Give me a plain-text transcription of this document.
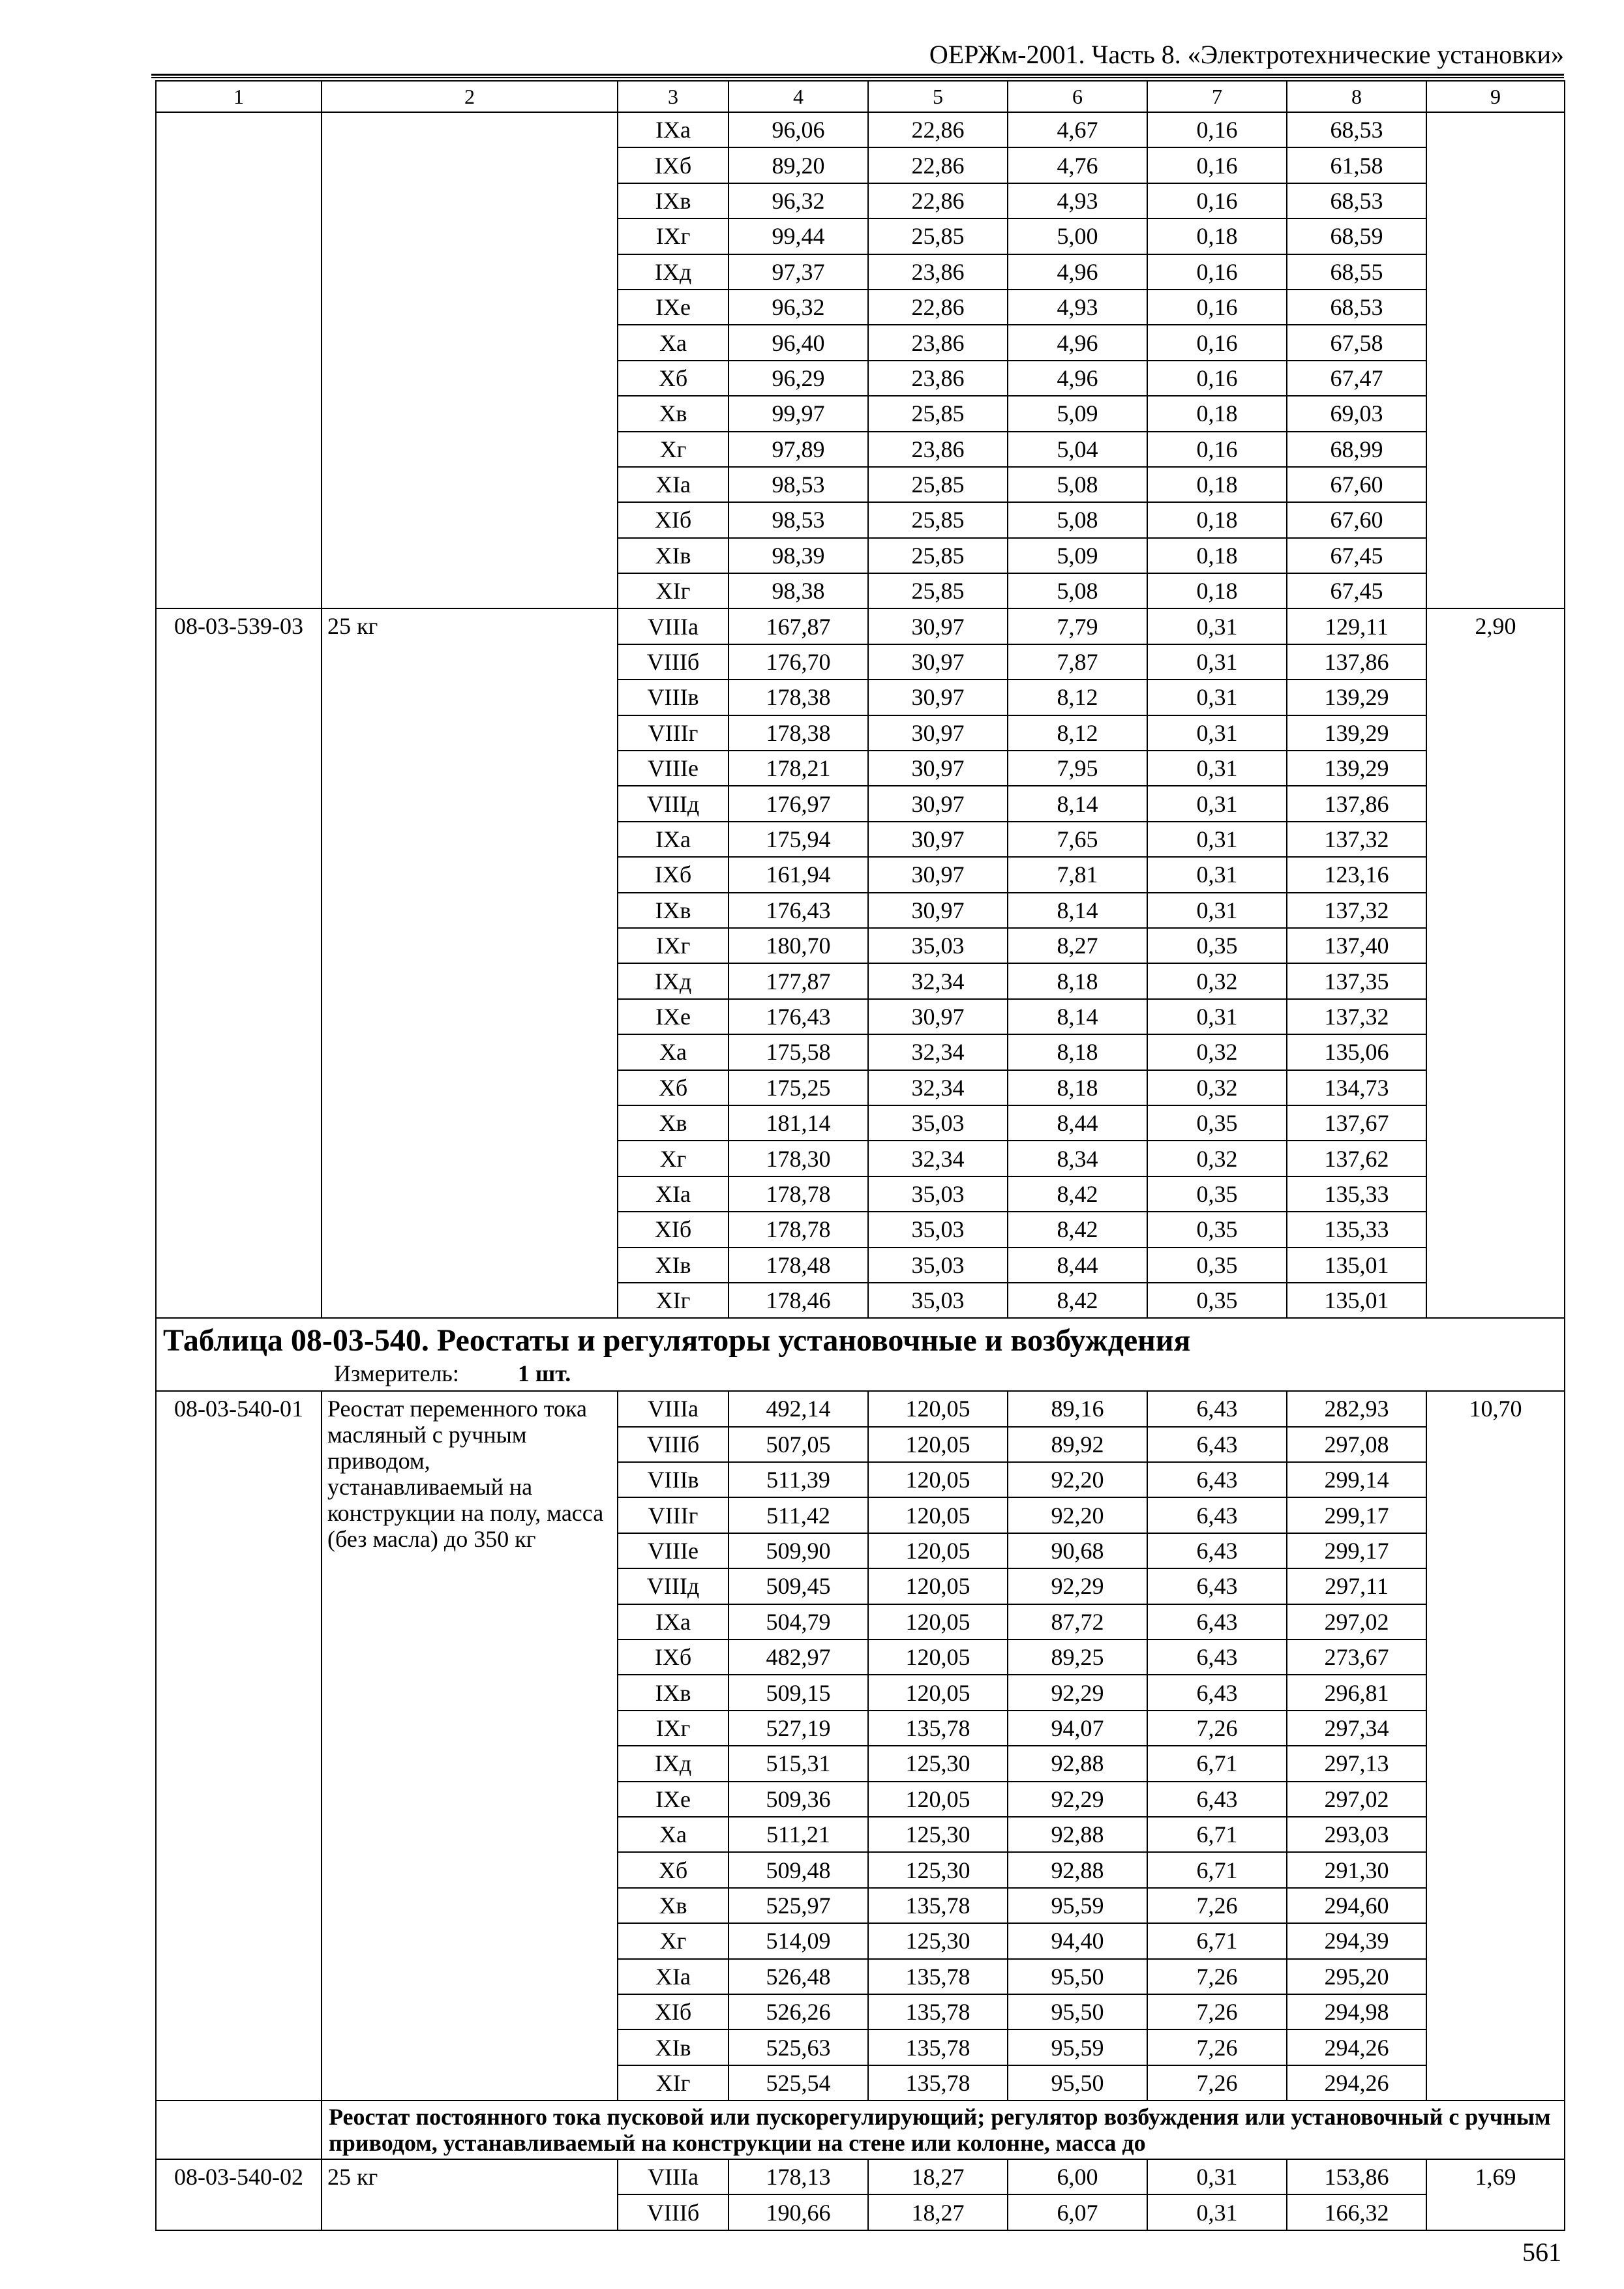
ОЕРЖм-2001. Часть 8. «Электротехнические установки»
1	2	3	4	5	6	7	8	9
		IXа	96,06	22,86	4,67	0,16	68,53	
		IXб	89,20	22,86	4,76	0,16	61,58	
		IXв	96,32	22,86	4,93	0,16	68,53	
		IXг	99,44	25,85	5,00	0,18	68,59	
		IXд	97,37	23,86	4,96	0,16	68,55	
		IXе	96,32	22,86	4,93	0,16	68,53	
		Xа	96,40	23,86	4,96	0,16	67,58	
		Xб	96,29	23,86	4,96	0,16	67,47	
		Xв	99,97	25,85	5,09	0,18	69,03	
		Xг	97,89	23,86	5,04	0,16	68,99	
		XIа	98,53	25,85	5,08	0,18	67,60	
		XIб	98,53	25,85	5,08	0,18	67,60	
		XIв	98,39	25,85	5,09	0,18	67,45	
		XIг	98,38	25,85	5,08	0,18	67,45	
08-03-539-03	25 кг	VIIIа	167,87	30,97	7,79	0,31	129,11	2,90
		VIIIб	176,70	30,97	7,87	0,31	137,86	
		VIIIв	178,38	30,97	8,12	0,31	139,29	
		VIIIг	178,38	30,97	8,12	0,31	139,29	
		VIIIе	178,21	30,97	7,95	0,31	139,29	
		VIIIд	176,97	30,97	8,14	0,31	137,86	
		IXа	175,94	30,97	7,65	0,31	137,32	
		IXб	161,94	30,97	7,81	0,31	123,16	
		IXв	176,43	30,97	8,14	0,31	137,32	
		IXг	180,70	35,03	8,27	0,35	137,40	
		IXд	177,87	32,34	8,18	0,32	137,35	
		IXе	176,43	30,97	8,14	0,31	137,32	
		Xа	175,58	32,34	8,18	0,32	135,06	
		Xб	175,25	32,34	8,18	0,32	134,73	
		Xв	181,14	35,03	8,44	0,35	137,67	
		Xг	178,30	32,34	8,34	0,32	137,62	
		XIа	178,78	35,03	8,42	0,35	135,33	
		XIб	178,78	35,03	8,42	0,35	135,33	
		XIв	178,48	35,03	8,44	0,35	135,01	
		XIг	178,46	35,03	8,42	0,35	135,01	

Таблица 08-03-540. Реостаты и регуляторы установочные и возбуждения
Измеритель: 1 шт.								

08-03-540-01	Реостат переменного тока масляный с ручным приводом, устанавливаемый на конструкции на полу, масса (без масла) до 350 кг	VIIIа	492,14	120,05	89,16	6,43	282,93	10,70
		VIIIб	507,05	120,05	89,92	6,43	297,08	
		VIIIв	511,39	120,05	92,20	6,43	299,14	
		VIIIг	511,42	120,05	92,20	6,43	299,17	
		VIIIе	509,90	120,05	90,68	6,43	299,17	
		VIIIд	509,45	120,05	92,29	6,43	297,11	
		IXа	504,79	120,05	87,72	6,43	297,02	
		IXб	482,97	120,05	89,25	6,43	273,67	
		IXв	509,15	120,05	92,29	6,43	296,81	
		IXг	527,19	135,78	94,07	7,26	297,34	
		IXд	515,31	125,30	92,88	6,71	297,13	
		IXе	509,36	120,05	92,29	6,43	297,02	
		Xа	511,21	125,30	92,88	6,71	293,03	
		Xб	509,48	125,30	92,88	6,71	291,30	
		Xв	525,97	135,78	95,59	7,26	294,60	
		Xг	514,09	125,30	94,40	6,71	294,39	
		XIа	526,48	135,78	95,50	7,26	295,20	
		XIб	526,26	135,78	95,50	7,26	294,98	
		XIв	525,63	135,78	95,59	7,26	294,26	
		XIг	525,54	135,78	95,50	7,26	294,26	
	Реостат постоянного тока пусковой или пускорегулирующий; регулятор возбуждения или установочный с ручным приводом, устанавливаемый на конструкции на стене или колонне, масса до							
08-03-540-02	25 кг	VIIIа	178,13	18,27	6,00	0,31	153,86	1,69
		VIIIб	190,66	18,27	6,07	0,31	166,32	
561
